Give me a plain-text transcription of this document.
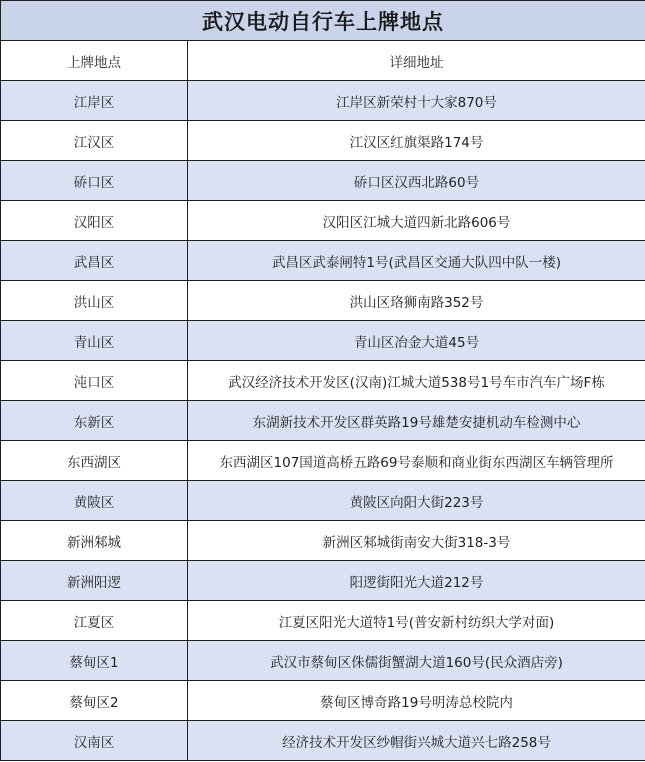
武汉电动自行车上牌地点	
上牌地点	详细地址
江岸区	江岸区新荣村十大家870号
江汉区	江汉区红旗渠路174号
硚口区	硚口区汉西北路60号
汉阳区	汉阳区江城大道四新北路606号
武昌区	武昌区武泰闸特1号(武昌区交通大队四中队一楼)
洪山区	洪山区珞狮南路352号
青山区	青山区冶金大道45号
沌口区	武汉经济技术开发区(汉南)江城大道538号1号车市汽车广场F栋
东新区	东湖新技术开发区群英路19号雄楚安捷机动车检测中心
东西湖区	东西湖区107国道高桥五路69号泰顺和商业街东西湖区车辆管理所
黄陂区	黄陂区向阳大街223号
新洲邾城	新洲区邾城街南安大街318-3号
新洲阳逻	阳逻街阳光大道212号
江夏区	江夏区阳光大道特1号(普安新村纺织大学对面)
蔡甸区1	武汉市蔡甸区侏儒街蟹湖大道160号(民众酒店旁)
蔡甸区2	蔡甸区博奇路19号明涛总校院内
汉南区	经济技术开发区纱帽街兴城大道兴七路258号
